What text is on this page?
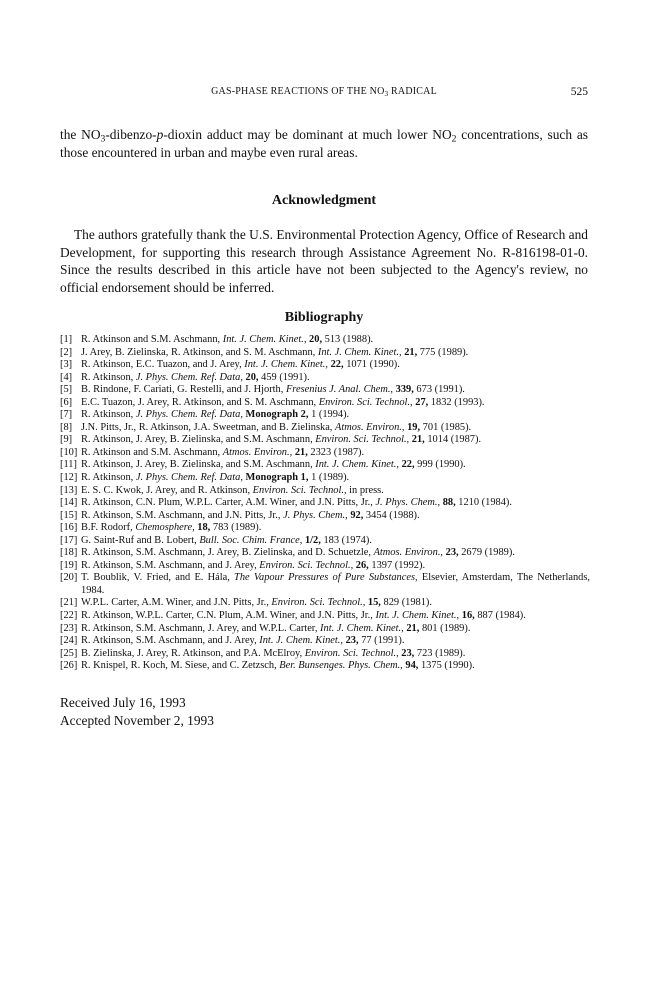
GAS-PHASE REACTIONS OF THE $NO_3$ RADICAL	525

the $NO_3-dibenzo-p$-dioxin adduct may be dominant at much lower $NO_2$ concentrations, such as those encountered in urban and maybe even rural areas.

Acknowledgment

The authors gratefully thank the U.S. Environmental Protection Agency, Office of Research and Development, for supporting this research through Assistance Agreement No. R-816198-01-0. Since the results described in this article have not been subjected to the Agency's review, no official endorsement should be inferred.

Bibliography
[1] R. Atkinson and S.M. Aschmann, Int. J. Chem. Kinet., 20, 513 (1988).
[2] J. Arey, B. Zielinska, R. Atkinson, and S. M. Aschmann, Int. J. Chem. Kinet., 21, 775 (1989).
[3] R. Atkinson, E.C. Tuazon, and J. Arey, Int. J. Chem. Kinet., 22, 1071 (1990).
[4] R. Atkinson, J. Phys. Chem. Ref. Data, 20, 459 (1991).
[5] B. Rindone, F. Cariati, G. Restelli, and J. Hjorth, Fresenius J. Anal. Chem., 339, 673 (1991).
[6] E.C. Tuazon, J. Arey, R. Atkinson, and S. M. Aschmann, Environ. Sci. Technol., 27, 1832 (1993).
[7] R. Atkinson, J. Phys. Chem. Ref. Data, Monograph 2, 1 (1994).
[8] J.N. Pitts, Jr., R. Atkinson, J.A. Sweetman, and B. Zielinska, Atmos. Environ., 19, 701 (1985).
[9] R. Atkinson, J. Arey, B. Zielinska, and S.M. Aschmann, Environ. Sci. Technol., 21, 1014 (1987).
[10] R. Atkinson and S.M. Aschmann, Atmos. Environ., 21, 2323 (1987).
[11] R. Atkinson, J. Arey, B. Zielinska, and S.M. Aschmann, Int. J. Chem. Kinet., 22, 999 (1990).
[12] R. Atkinson, J. Phys. Chem. Ref. Data, Monograph 1, 1 (1989).
[13] E. S. C. Kwok, J. Arey, and R. Atkinson, Environ. Sci. Technol., in press.
[14] R. Atkinson, C.N. Plum, W.P.L. Carter, A.M. Winer, and J.N. Pitts, Jr., J. Phys. Chem., 88, 1210 (1984).
[15] R. Atkinson, S.M. Aschmann, and J.N. Pitts, Jr., J. Phys. Chem., 92, 3454 (1988).
[16] B.F. Rodorf, Chemosphere, 18, 783 (1989).
[17] G. Saint-Ruf and B. Lobert, Bull. Soc. Chim. France, 1/2, 183 (1974).
[18] R. Atkinson, S.M. Aschmann, J. Arey, B. Zielinska, and D. Schuetzle, Atmos. Environ., 23, 2679 (1989).
[19] R. Atkinson, S.M. Aschmann, and J. Arey, Environ. Sci. Technol., 26, 1397 (1992).
[20] T. Boublik, V. Fried, and E. Hála, The Vapour Pressures of Pure Substances, Elsevier, Amsterdam, The Netherlands, 1984.
[21] W.P.L. Carter, A.M. Winer, and J.N. Pitts, Jr., Environ. Sci. Technol., 15, 829 (1981).
[22] R. Atkinson, W.P.L. Carter, C.N. Plum, A.M. Winer, and J.N. Pitts, Jr., Int. J. Chem. Kinet., 16, 887 (1984).
[23] R. Atkinson, S.M. Aschmann, J. Arey, and W.P.L. Carter, Int. J. Chem. Kinet., 21, 801 (1989).
[24] R. Atkinson, S.M. Aschmann, and J. Arey, Int. J. Chem. Kinet., 23, 77 (1991).
[25] B. Zielinska, J. Arey, R. Atkinson, and P.A. McElroy, Environ. Sci. Technol., 23, 723 (1989).
[26] R. Knispel, R. Koch, M. Siese, and C. Zetzsch, Ber. Bunsenges. Phys. Chem., 94, 1375 (1990).
Received July 16, 1993
Accepted November 2, 1993
